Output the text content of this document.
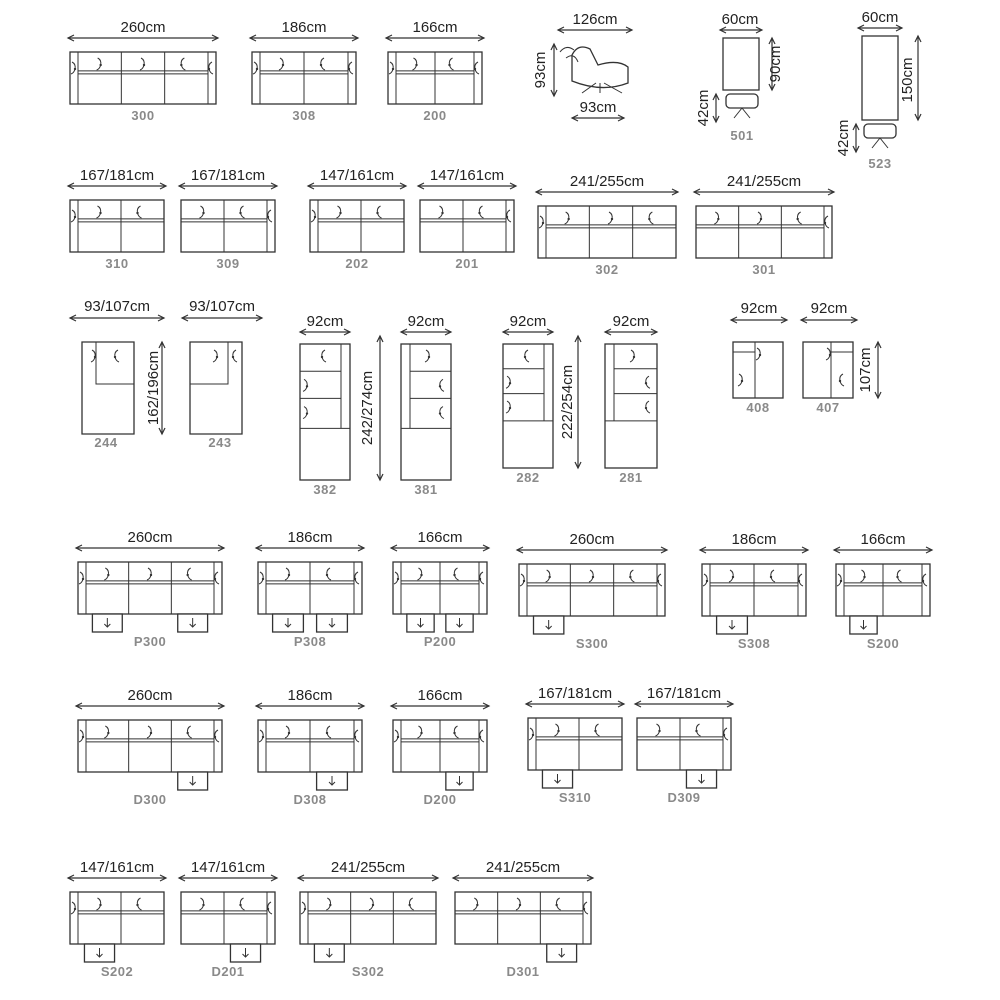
260cm
300
186cm
308
166cm
200
126cm
93cm
93cm
60cm
90cm
42cm
501
60cm
150cm
42cm
523
167/181cm
310
167/181cm
309
147/161cm
202
147/161cm
201
241/255cm
302
241/255cm
301
93/107cm
162/196cm
244
93/107cm
243
92cm
382
242/274cm
92cm
381
92cm
282
222/254cm
92cm
281
92cm
408
92cm
407
107cm
260cm
P300
186cm
P308
166cm
P200
260cm
S300
186cm
S308
166cm
S200
260cm
D300
186cm
D308
166cm
D200
167/181cm
S310
167/181cm
D309
147/161cm
S202
147/161cm
D201
241/255cm
S302
241/255cm
D301
